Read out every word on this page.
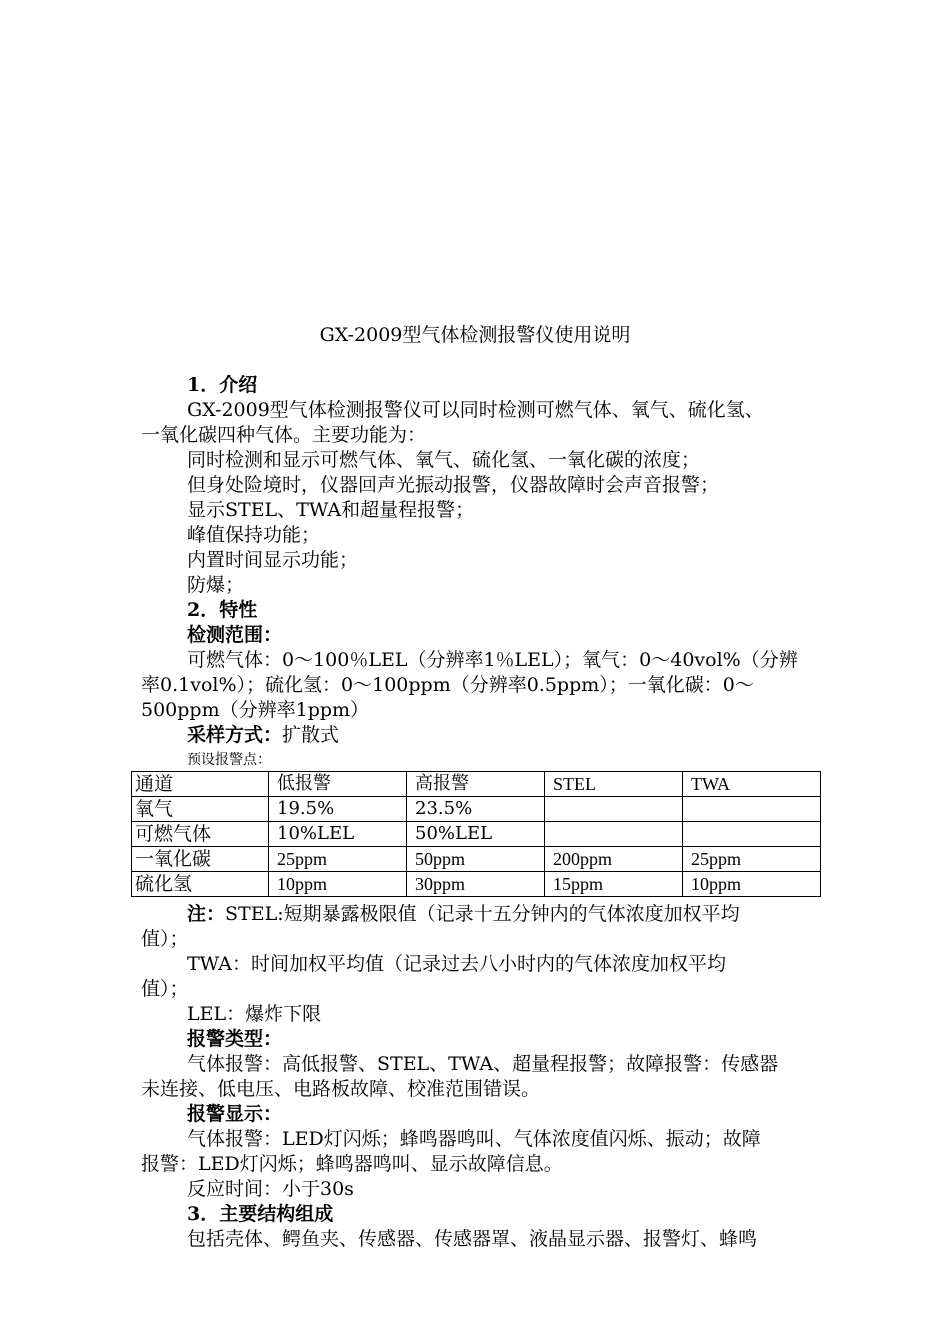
GX-2009型气体检测报警仪使用说明
1．介绍
GX-2009型气体检测报警仪可以同时检测可燃气体、氧气、硫化氢、
一氧化碳四种气体。主要功能为：
同时检测和显示可燃气体、氧气、硫化氢、一氧化碳的浓度；
但身处险境时，仪器回声光振动报警，仪器故障时会声音报警；
显示STEL、TWA和超量程报警；
峰值保持功能；
内置时间显示功能；
防爆；
2．特性
检测范围：
可燃气体：0～100％LEL（分辨率1％LEL）；氧气：0～40vol%（分辨
率0.1vol%）；硫化氢：0～100ppm（分辨率0.5ppm）；一氧化碳：0～
500ppm（分辨率1ppm）
采样方式：扩散式
预设报警点：
通道	低报警	高报警	STEL	TWA
氧气	19.5%	23.5%		
可燃气体	10%LEL	50%LEL		
一氧化碳	25ppm	50ppm	200ppm	25ppm
硫化氢	10ppm	30ppm	15ppm	10ppm
注：STEL:短期暴露极限值（记录十五分钟内的气体浓度加权平均
值）；
TWA：时间加权平均值（记录过去八小时内的气体浓度加权平均
值）；
LEL：爆炸下限
报警类型：
气体报警：高低报警、STEL、TWA、超量程报警；故障报警：传感器
未连接、低电压、电路板故障、校准范围错误。
报警显示：
气体报警：LED灯闪烁；蜂鸣器鸣叫、气体浓度值闪烁、振动；故障
报警：LED灯闪烁；蜂鸣器鸣叫、显示故障信息。
反应时间：小于30s
3．主要结构组成
包括壳体、鳄鱼夹、传感器、传感器罩、液晶显示器、报警灯、蜂鸣
